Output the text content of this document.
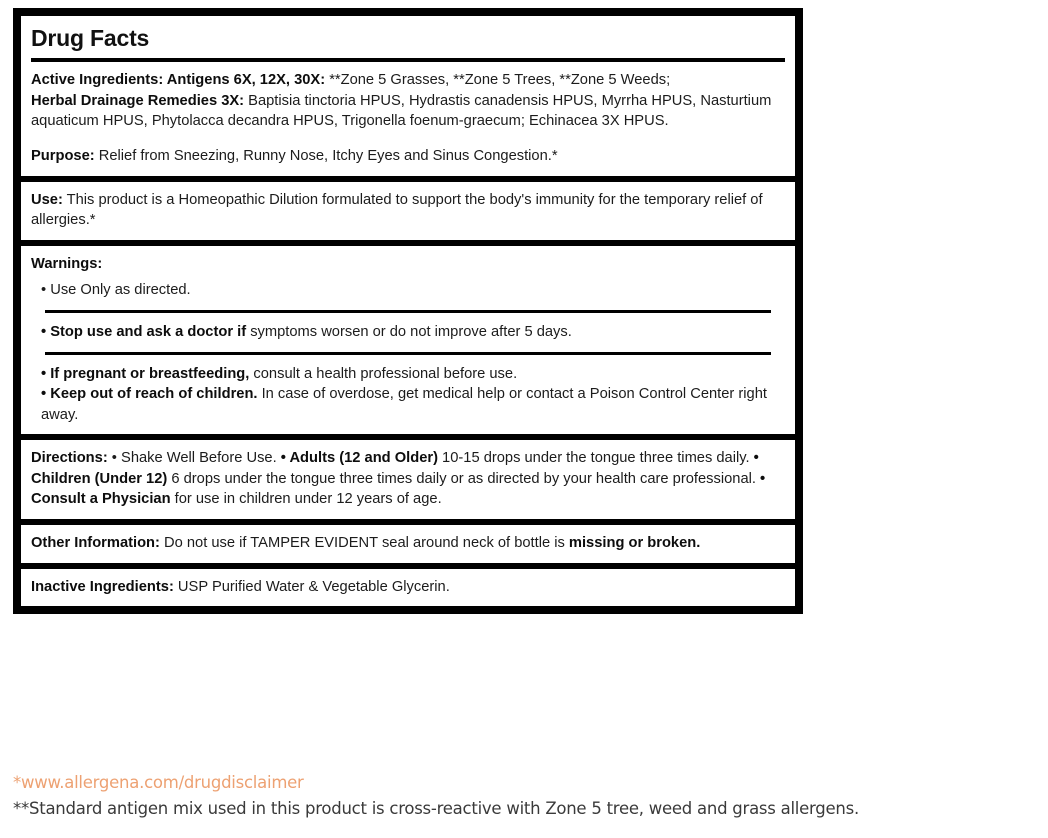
Drug Facts

Active Ingredients: Antigens 6X, 12X, 30X: **Zone 5 Grasses, **Zone 5 Trees, **Zone 5 Weeds;

Herbal Drainage Remedies 3X: Baptisia tinctoria HPUS, Hydrastis canadensis HPUS, Myrrha HPUS, Nasturtium aquaticum HPUS, Phytolacca decandra HPUS, Trigonella foenum-graecum; Echinacea 3X HPUS.

Purpose: Relief from Sneezing, Runny Nose, Itchy Eyes and Sinus Congestion.*

Use: This product is a Homeopathic Dilution formulated to support the body's immunity for the temporary relief of allergies.*

Warnings:

• Use Only as directed.

• Stop use and ask a doctor if symptoms worsen or do not improve after 5 days.

• If pregnant or breastfeeding, consult a health professional before use.

• Keep out of reach of children. In case of overdose, get medical help or contact a Poison Control Center right away.

Directions: • Shake Well Before Use. • Adults (12 and Older) 10-15 drops under the tongue three times daily. • Children (Under 12) 6 drops under the tongue three times daily or as directed by your health care professional. • Consult a Physician for use in children under 12 years of age.

Other Information: Do not use if TAMPER EVIDENT seal around neck of bottle is missing or broken.

Inactive Ingredients: USP Purified Water & Vegetable Glycerin.

*www.allergena.com/drugdisclaimer

**Standard antigen mix used in this product is cross-reactive with Zone 5 tree, weed and grass allergens.
